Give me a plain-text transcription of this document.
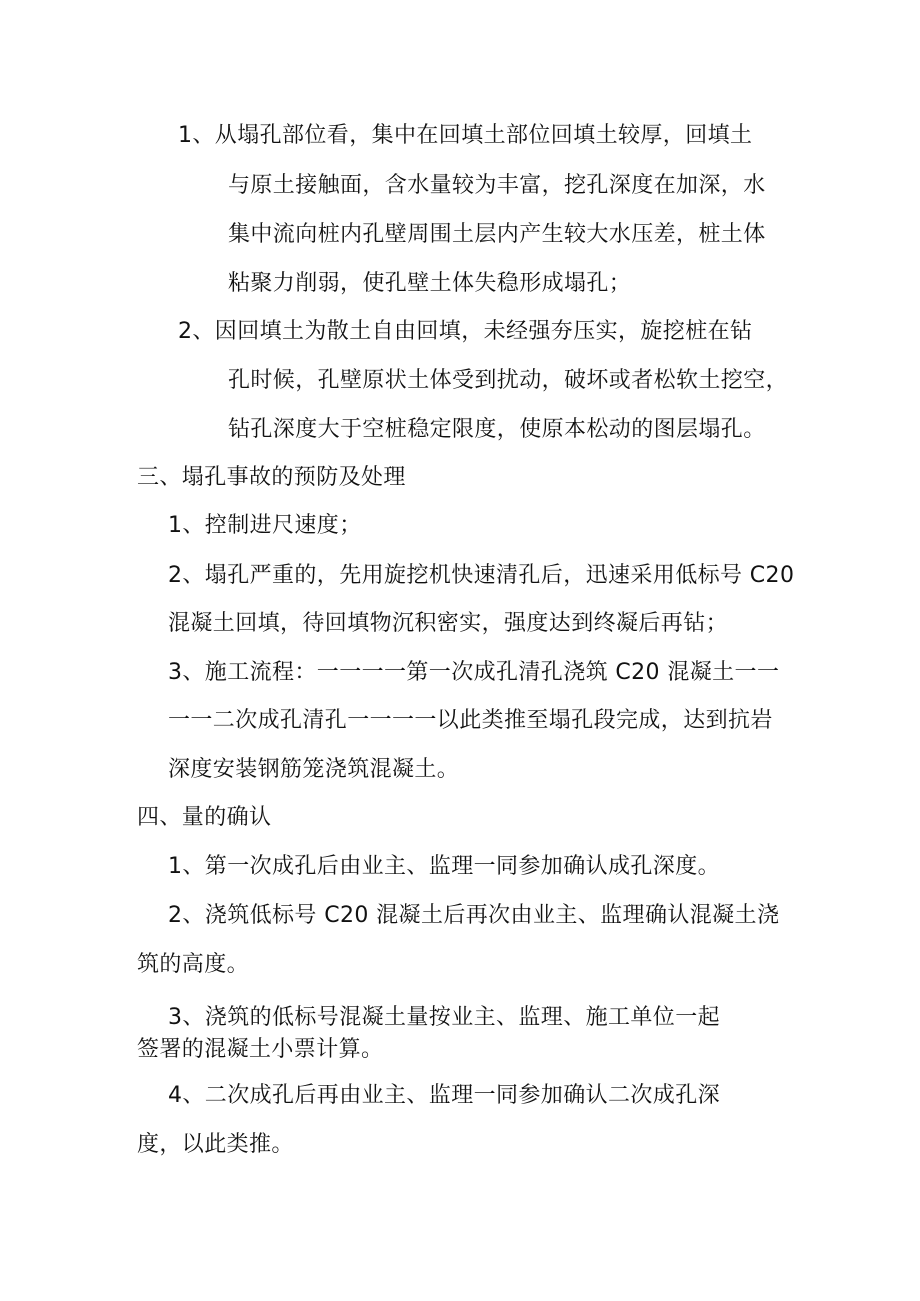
1、从塌孔部位看，集中在回填土部位回填土较厚，回填土
与原土接触面，含水量较为丰富，挖孔深度在加深，水
集中流向桩内孔壁周围土层内产生较大水压差，桩土体
粘聚力削弱，使孔壁土体失稳形成塌孔；
2、因回填土为散土自由回填，未经强夯压实，旋挖桩在钻
孔时候，孔壁原状土体受到扰动，破坏或者松软土挖空，
钻孔深度大于空桩稳定限度，使原本松动的图层塌孔。
三、塌孔事故的预防及处理
1、控制进尺速度；
2、塌孔严重的，先用旋挖机快速清孔后，迅速采用低标号 C20
混凝土回填，待回填物沉积密实，强度达到终凝后再钻；
3、施工流程：一一一一第一次成孔清孔浇筑 C20 混凝土一一
一一二次成孔清孔一一一一以此类推至塌孔段完成，达到抗岩
深度安装钢筋笼浇筑混凝土。
四、量的确认
1、第一次成孔后由业主、监理一同参加确认成孔深度。
2、浇筑低标号 C20 混凝土后再次由业主、监理确认混凝土浇
筑的高度。
3、浇筑的低标号混凝土量按业主、监理、施工单位一起
签署的混凝土小票计算。
4、二次成孔后再由业主、监理一同参加确认二次成孔深
度，以此类推。
